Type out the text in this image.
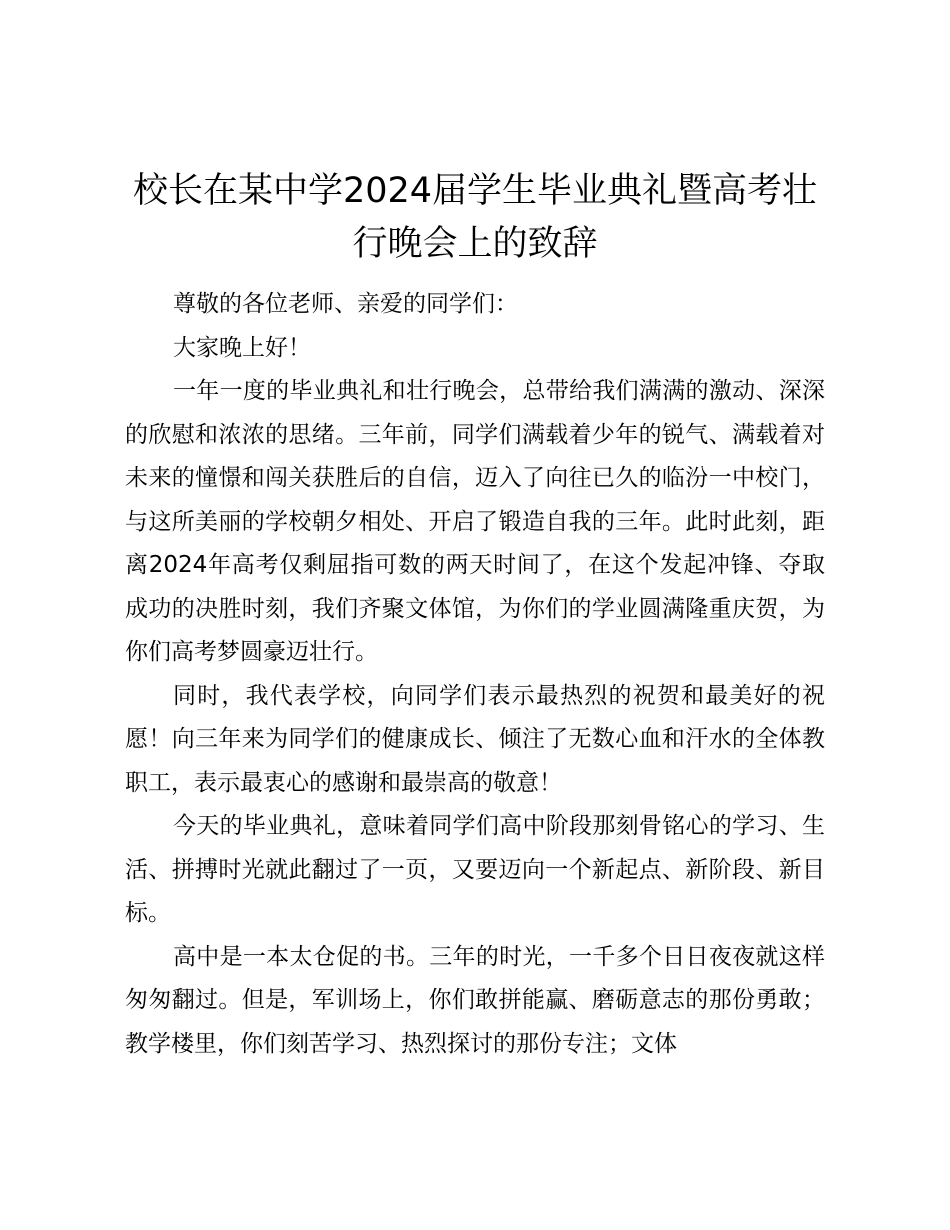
校长在某中学2024届学生毕业典礼暨高考壮行晚会上的致辞

尊敬的各位老师、亲爱的同学们：

大家晚上好！

一年一度的毕业典礼和壮行晚会，总带给我们满满的激动、深深的欣慰和浓浓的思绪。三年前，同学们满载着少年的锐气、满载着对未来的憧憬和闯关获胜后的自信，迈入了向往已久的临汾一中校门，与这所美丽的学校朝夕相处、开启了锻造自我的三年。此时此刻，距离2024年高考仅剩屈指可数的两天时间了，在这个发起冲锋、夺取成功的决胜时刻，我们齐聚文体馆，为你们的学业圆满隆重庆贺，为你们高考梦圆豪迈壮行。

同时，我代表学校，向同学们表示最热烈的祝贺和最美好的祝愿！向三年来为同学们的健康成长、倾注了无数心血和汗水的全体教职工，表示最衷心的感谢和最崇高的敬意！

今天的毕业典礼，意味着同学们高中阶段那刻骨铭心的学习、生活、拼搏时光就此翻过了一页，又要迈向一个新起点、新阶段、新目标。

高中是一本太仓促的书。三年的时光，一千多个日日夜夜就这样匆匆翻过。但是，军训场上，你们敢拼能赢、磨砺意志的那份勇敢；教学楼里，你们刻苦学习、热烈探讨的那份专注；文体
